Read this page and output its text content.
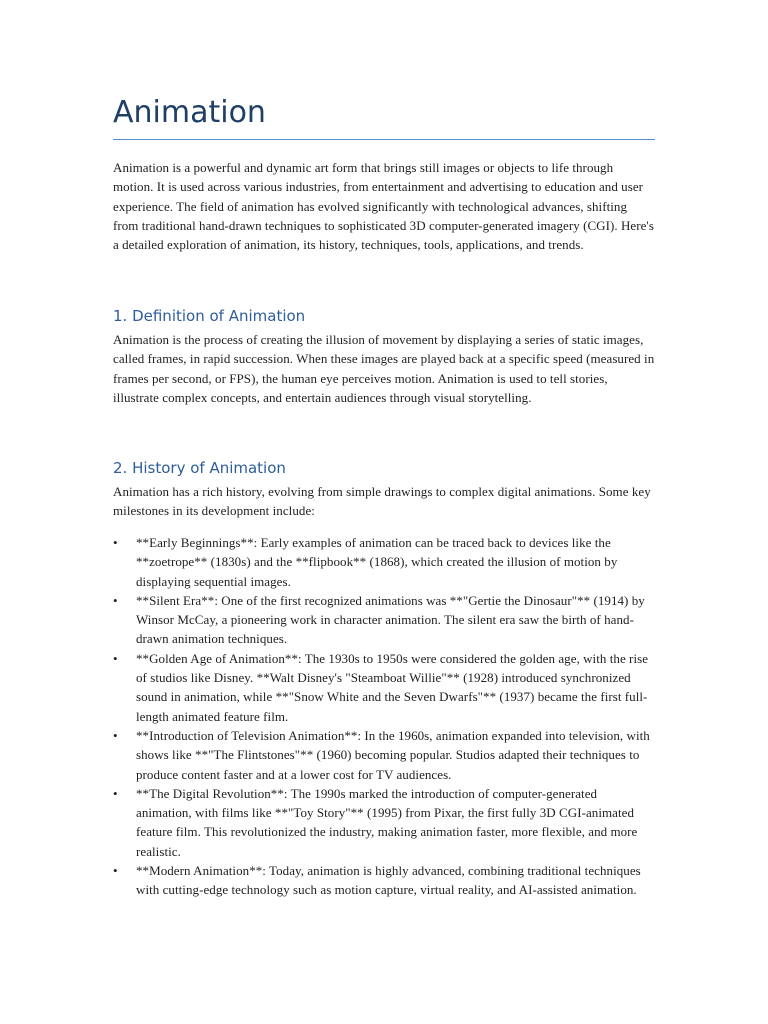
Animation

Animation is a powerful and dynamic art form that brings still images or objects to life through motion. It is used across various industries, from entertainment and advertising to education and user experience. The field of animation has evolved significantly with technological advances, shifting from traditional hand-drawn techniques to sophisticated 3D computer-generated imagery (CGI). Here's a detailed exploration of animation, its history, techniques, tools, applications, and trends.

1. Definition of Animation

Animation is the process of creating the illusion of movement by displaying a series of static images, called frames, in rapid succession. When these images are played back at a specific speed (measured in frames per second, or FPS), the human eye perceives motion. Animation is used to tell stories, illustrate complex concepts, and entertain audiences through visual storytelling.

2. History of Animation

Animation has a rich history, evolving from simple drawings to complex digital animations. Some key milestones in its development include:

• **Early Beginnings**: Early examples of animation can be traced back to devices like the **zoetrope** (1830s) and the **flipbook** (1868), which created the illusion of motion by displaying sequential images.
• **Silent Era**: One of the first recognized animations was **"Gertie the Dinosaur"** (1914) by Winsor McCay, a pioneering work in character animation. The silent era saw the birth of hand-drawn animation techniques.
• **Golden Age of Animation**: The 1930s to 1950s were considered the golden age, with the rise of studios like Disney. **Walt Disney's "Steamboat Willie"** (1928) introduced synchronized sound in animation, while **"Snow White and the Seven Dwarfs"** (1937) became the first full-length animated feature film.
• **Introduction of Television Animation**: In the 1960s, animation expanded into television, with shows like **"The Flintstones"** (1960) becoming popular. Studios adapted their techniques to produce content faster and at a lower cost for TV audiences.
• **The Digital Revolution**: The 1990s marked the introduction of computer-generated animation, with films like **"Toy Story"** (1995) from Pixar, the first fully 3D CGI-animated feature film. This revolutionized the industry, making animation faster, more flexible, and more realistic.
• **Modern Animation**: Today, animation is highly advanced, combining traditional techniques with cutting-edge technology such as motion capture, virtual reality, and AI-assisted animation.
